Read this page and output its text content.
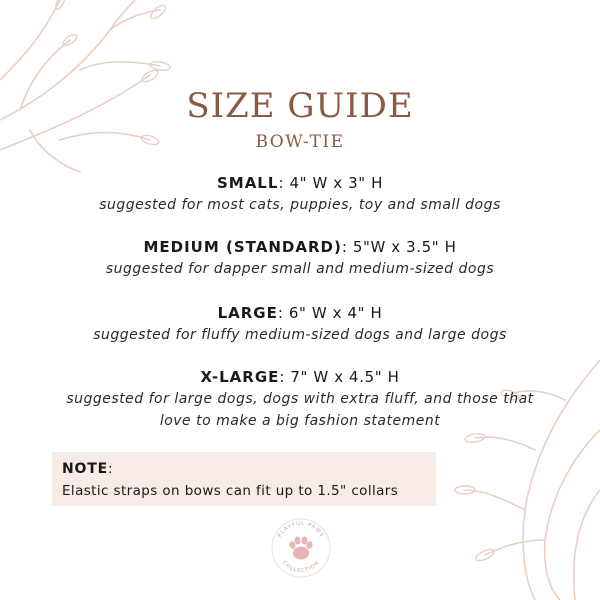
SIZE GUIDE
BOW-TIE
SMALL: 4" W x 3" H
suggested for most cats, puppies, toy and small dogs
MEDIUM (STANDARD): 5"W x 3.5" H
suggested for dapper small and medium-sized dogs
LARGE: 6" W x 4" H
suggested for fluffy medium-sized dogs and large dogs
X-LARGE: 7" W x 4.5" H
suggested for large dogs, dogs with extra fluff, and those that love to make a big fashion statement
NOTE:
Elastic straps on bows can fit up to 1.5" collars
PLAYFUL PAWS
COLLECTION
